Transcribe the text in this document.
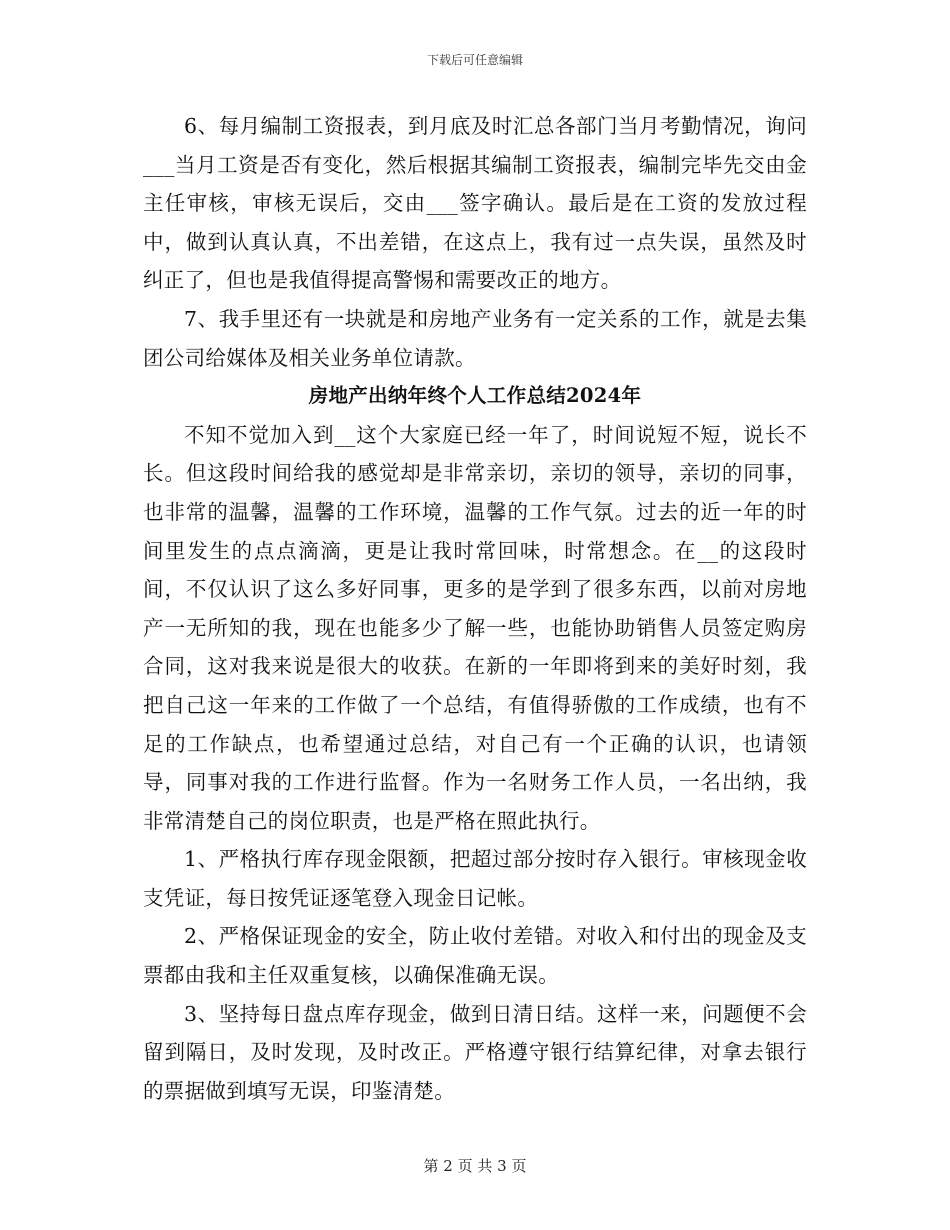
下载后可任意编辑

6、每月编制工资报表，到月底及时汇总各部门当月考勤情况，询问___当月工资是否有变化，然后根据其编制工资报表，编制完毕先交由金主任审核，审核无误后，交由___签字确认。最后是在工资的发放过程中，做到认真认真，不出差错，在这点上，我有过一点失误，虽然及时纠正了，但也是我值得提高警惕和需要改正的地方。

7、我手里还有一块就是和房地产业务有一定关系的工作，就是去集团公司给媒体及相关业务单位请款。

房地产出纳年终个人工作总结2024年

不知不觉加入到__这个大家庭已经一年了，时间说短不短，说长不长。但这段时间给我的感觉却是非常亲切，亲切的领导，亲切的同事，也非常的温馨，温馨的工作环境，温馨的工作气氛。过去的近一年的时间里发生的点点滴滴，更是让我时常回味，时常想念。在__的这段时间，不仅认识了这么多好同事，更多的是学到了很多东西，以前对房地产一无所知的我，现在也能多少了解一些，也能协助销售人员签定购房合同，这对我来说是很大的收获。在新的一年即将到来的美好时刻，我把自己这一年来的工作做了一个总结，有值得骄傲的工作成绩，也有不足的工作缺点，也希望通过总结，对自己有一个正确的认识，也请领导，同事对我的工作进行监督。作为一名财务工作人员，一名出纳，我非常清楚自己的岗位职责，也是严格在照此执行。

1、严格执行库存现金限额，把超过部分按时存入银行。审核现金收支凭证，每日按凭证逐笔登入现金日记帐。

2、严格保证现金的安全，防止收付差错。对收入和付出的现金及支票都由我和主任双重复核，以确保准确无误。

3、坚持每日盘点库存现金，做到日清日结。这样一来，问题便不会留到隔日，及时发现，及时改正。严格遵守银行结算纪律，对拿去银行的票据做到填写无误，印鉴清楚。

第 2 页 共 3 页
